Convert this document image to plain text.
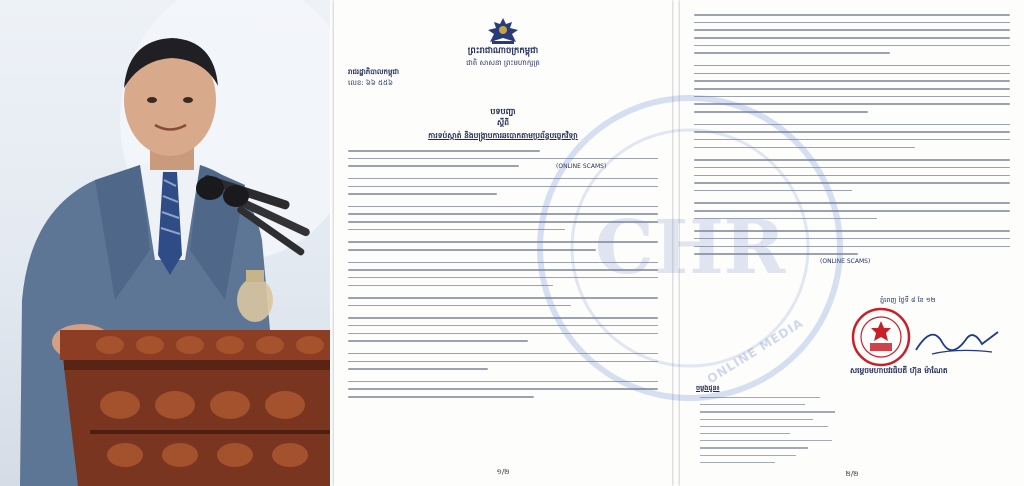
ព្រះរាជាណាចក្រកម្ពុជា
ជាតិ សាសនា ព្រះមហាក្សត្រ
រាជរដ្ឋាភិបាលកម្ពុជា
លេខ: ៦៦ ៥៥៦
បទបញ្ជា
ស្តីពី
ការទប់ស្កាត់ និងបង្ក្រាបការឆបោកតាមប្រព័ន្ធបច្ចេកវិទ្យា
(ONLINE SCAMS)
១/២
(ONLINE SCAMS)
ភ្នំពេញ ថ្ងៃទី ៨ ខែ ១២
សម្តេចមហាបវរធិបតី ហ៊ុន ម៉ាណែត
ចម្លងជូន៖
២/២
CHR
ONLINE MEDIA
